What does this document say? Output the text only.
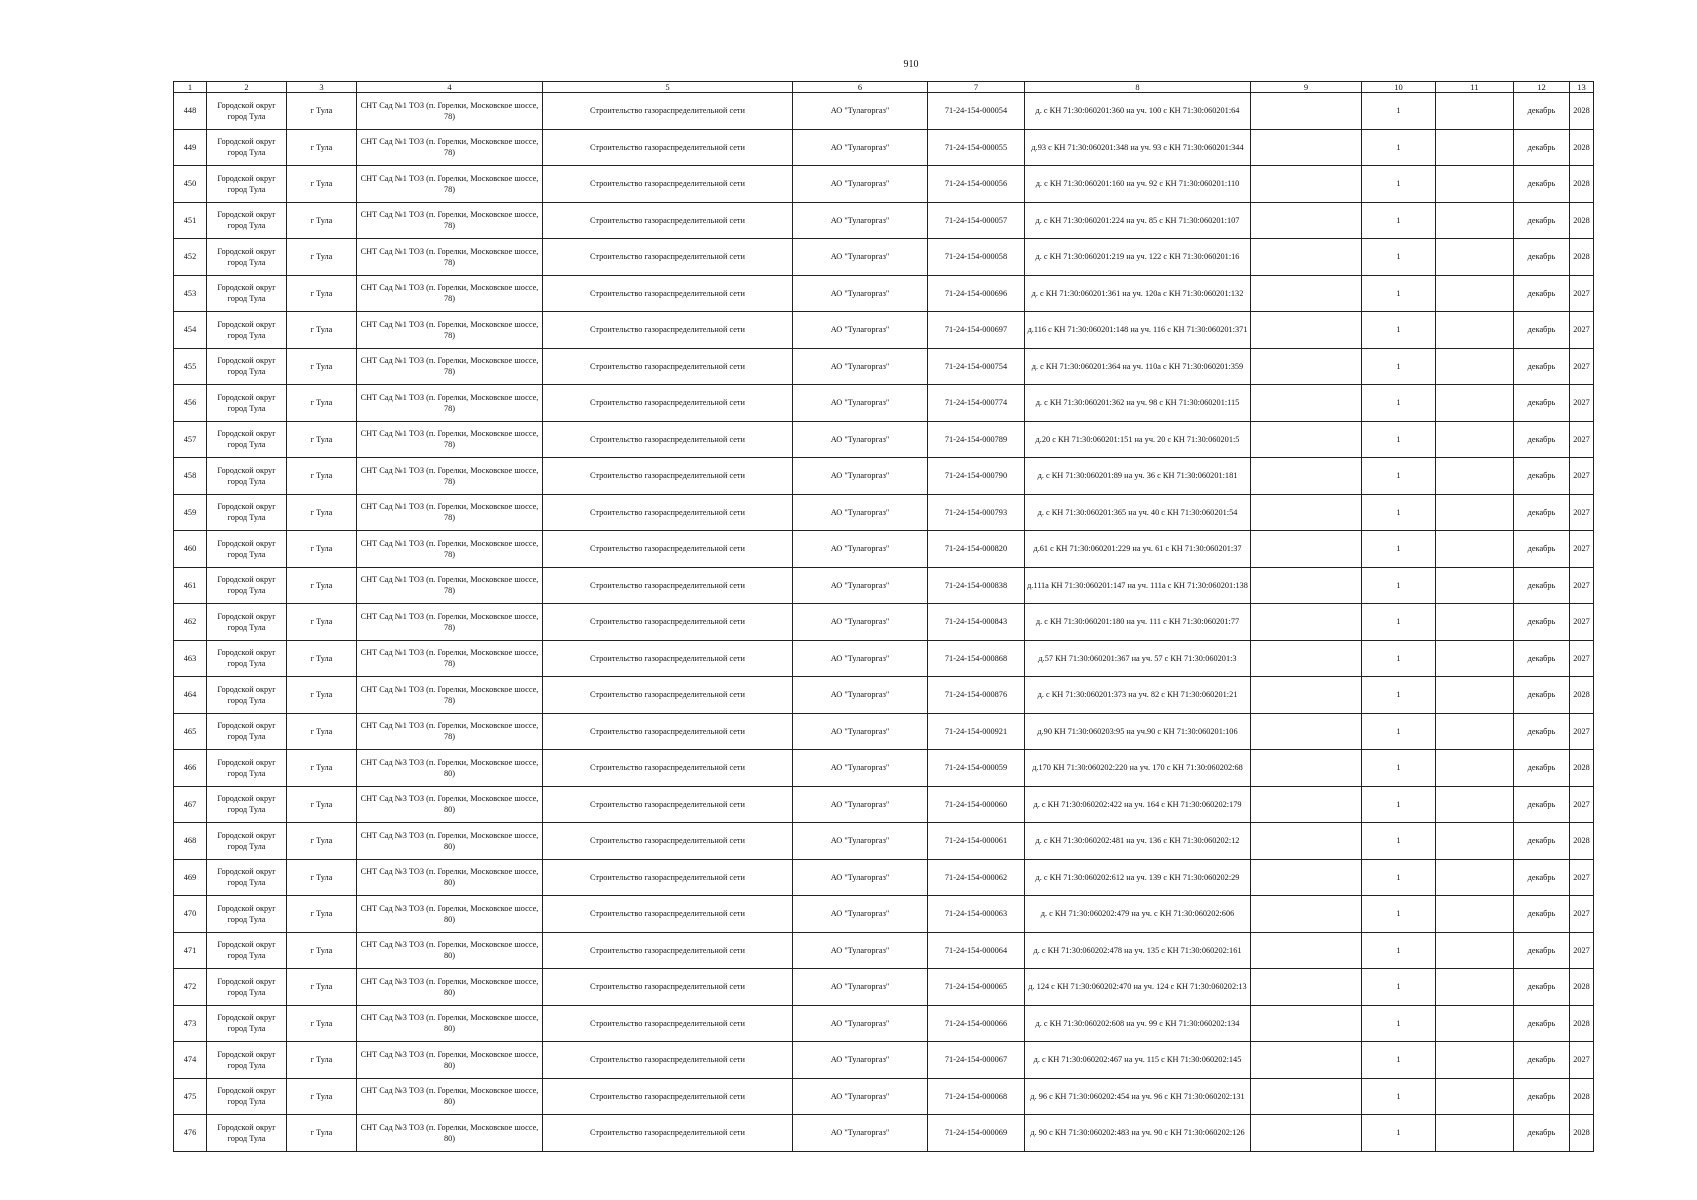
910
1	2	3	4	5	6	7	8	9	10	11	12	13
448	Городской округ город Тула	г Тула	СНТ Сад №1 ТОЗ (п. Горелки, Московское шоссе, 78)	Строительство газораспределительной сети	АО "Тулагоргаз"	71-24-154-000054	д. с КН 71:30:060201:360 на уч. 100 с КН 71:30:060201:64		1		декабрь	2028
449	Городской округ город Тула	г Тула	СНТ Сад №1 ТОЗ (п. Горелки, Московское шоссе, 78)	Строительство газораспределительной сети	АО "Тулагоргаз"	71-24-154-000055	д.93 с КН 71:30:060201:348 на уч. 93 с КН 71:30:060201:344		1		декабрь	2028
450	Городской округ город Тула	г Тула	СНТ Сад №1 ТОЗ (п. Горелки, Московское шоссе, 78)	Строительство газораспределительной сети	АО "Тулагоргаз"	71-24-154-000056	д. с КН 71:30:060201:160 на уч. 92 с КН 71:30:060201:110		1		декабрь	2028
451	Городской округ город Тула	г Тула	СНТ Сад №1 ТОЗ (п. Горелки, Московское шоссе, 78)	Строительство газораспределительной сети	АО "Тулагоргаз"	71-24-154-000057	д. с КН 71:30:060201:224 на уч. 85 с КН 71:30:060201:107		1		декабрь	2028
452	Городской округ город Тула	г Тула	СНТ Сад №1 ТОЗ (п. Горелки, Московское шоссе, 78)	Строительство газораспределительной сети	АО "Тулагоргаз"	71-24-154-000058	д. с КН 71:30:060201:219 на уч. 122 с КН 71:30:060201:16		1		декабрь	2028
453	Городской округ город Тула	г Тула	СНТ Сад №1 ТОЗ (п. Горелки, Московское шоссе, 78)	Строительство газораспределительной сети	АО "Тулагоргаз"	71-24-154-000696	д. с КН 71:30:060201:361 на уч. 120а с КН 71:30:060201:132		1		декабрь	2027
454	Городской округ город Тула	г Тула	СНТ Сад №1 ТОЗ (п. Горелки, Московское шоссе, 78)	Строительство газораспределительной сети	АО "Тулагоргаз"	71-24-154-000697	д.116 с КН 71:30:060201:148 на уч. 116 с КН 71:30:060201:371		1		декабрь	2027
455	Городской округ город Тула	г Тула	СНТ Сад №1 ТОЗ (п. Горелки, Московское шоссе, 78)	Строительство газораспределительной сети	АО "Тулагоргаз"	71-24-154-000754	д. с КН 71:30:060201:364 на уч. 110а с КН 71:30:060201:359		1		декабрь	2027
456	Городской округ город Тула	г Тула	СНТ Сад №1 ТОЗ (п. Горелки, Московское шоссе, 78)	Строительство газораспределительной сети	АО "Тулагоргаз"	71-24-154-000774	д. с КН 71:30:060201:362 на уч. 98 с КН 71:30:060201:115		1		декабрь	2027
457	Городской округ город Тула	г Тула	СНТ Сад №1 ТОЗ (п. Горелки, Московское шоссе, 78)	Строительство газораспределительной сети	АО "Тулагоргаз"	71-24-154-000789	д.20 с КН 71:30:060201:151 на уч. 20 с КН 71:30:060201:5		1		декабрь	2027
458	Городской округ город Тула	г Тула	СНТ Сад №1 ТОЗ (п. Горелки, Московское шоссе, 78)	Строительство газораспределительной сети	АО "Тулагоргаз"	71-24-154-000790	д. с КН 71:30:060201:89 на уч. 36 с КН 71:30:060201:181		1		декабрь	2027
459	Городской округ город Тула	г Тула	СНТ Сад №1 ТОЗ (п. Горелки, Московское шоссе, 78)	Строительство газораспределительной сети	АО "Тулагоргаз"	71-24-154-000793	д. с КН 71:30:060201:365 на уч. 40 с КН 71:30:060201:54		1		декабрь	2027
460	Городской округ город Тула	г Тула	СНТ Сад №1 ТОЗ (п. Горелки, Московское шоссе, 78)	Строительство газораспределительной сети	АО "Тулагоргаз"	71-24-154-000820	д.61 с КН 71:30:060201:229 на уч. 61 с КН 71:30:060201:37		1		декабрь	2027
461	Городской округ город Тула	г Тула	СНТ Сад №1 ТОЗ (п. Горелки, Московское шоссе, 78)	Строительство газораспределительной сети	АО "Тулагоргаз"	71-24-154-000838	д.111а КН 71:30:060201:147 на уч. 111а с КН 71:30:060201:138		1		декабрь	2027
462	Городской округ город Тула	г Тула	СНТ Сад №1 ТОЗ (п. Горелки, Московское шоссе, 78)	Строительство газораспределительной сети	АО "Тулагоргаз"	71-24-154-000843	д. с КН 71:30:060201:180 на уч. 111 с КН 71:30:060201:77		1		декабрь	2027
463	Городской округ город Тула	г Тула	СНТ Сад №1 ТОЗ (п. Горелки, Московское шоссе, 78)	Строительство газораспределительной сети	АО "Тулагоргаз"	71-24-154-000868	д.57 КН 71:30:060201:367 на уч. 57 с КН 71:30:060201:3		1		декабрь	2027
464	Городской округ город Тула	г Тула	СНТ Сад №1 ТОЗ (п. Горелки, Московское шоссе, 78)	Строительство газораспределительной сети	АО "Тулагоргаз"	71-24-154-000876	д. с КН 71:30:060201:373 на уч. 82 с КН 71:30:060201:21		1		декабрь	2028
465	Городской округ город Тула	г Тула	СНТ Сад №1 ТОЗ (п. Горелки, Московское шоссе, 78)	Строительство газораспределительной сети	АО "Тулагоргаз"	71-24-154-000921	д.90 КН 71:30:060203:95 на уч.90 с КН 71:30:060201:106		1		декабрь	2027
466	Городской округ город Тула	г Тула	СНТ Сад №3 ТОЗ (п. Горелки, Московское шоссе, 80)	Строительство газораспределительной сети	АО "Тулагоргаз"	71-24-154-000059	д.170 КН 71:30:060202:220 на уч. 170 с КН 71:30:060202:68		1		декабрь	2028
467	Городской округ город Тула	г Тула	СНТ Сад №3 ТОЗ (п. Горелки, Московское шоссе, 80)	Строительство газораспределительной сети	АО "Тулагоргаз"	71-24-154-000060	д. с КН 71:30:060202:422 на уч. 164 с КН 71:30:060202:179		1		декабрь	2027
468	Городской округ город Тула	г Тула	СНТ Сад №3 ТОЗ (п. Горелки, Московское шоссе, 80)	Строительство газораспределительной сети	АО "Тулагоргаз"	71-24-154-000061	д. с КН 71:30:060202:481 на уч. 136 с КН 71:30:060202:12		1		декабрь	2028
469	Городской округ город Тула	г Тула	СНТ Сад №3 ТОЗ (п. Горелки, Московское шоссе, 80)	Строительство газораспределительной сети	АО "Тулагоргаз"	71-24-154-000062	д. с КН 71:30:060202:612 на уч. 139 с КН 71:30:060202:29		1		декабрь	2027
470	Городской округ город Тула	г Тула	СНТ Сад №3 ТОЗ (п. Горелки, Московское шоссе, 80)	Строительство газораспределительной сети	АО "Тулагоргаз"	71-24-154-000063	д. с КН 71:30:060202:479 на уч. с КН 71:30:060202:606		1		декабрь	2027
471	Городской округ город Тула	г Тула	СНТ Сад №3 ТОЗ (п. Горелки, Московское шоссе, 80)	Строительство газораспределительной сети	АО "Тулагоргаз"	71-24-154-000064	д. с КН 71:30:060202:478 на уч. 135 с КН 71:30:060202:161		1		декабрь	2027
472	Городской округ город Тула	г Тула	СНТ Сад №3 ТОЗ (п. Горелки, Московское шоссе, 80)	Строительство газораспределительной сети	АО "Тулагоргаз"	71-24-154-000065	д. 124 с КН 71:30:060202:470 на уч. 124 с КН 71:30:060202:13		1		декабрь	2028
473	Городской округ город Тула	г Тула	СНТ Сад №3 ТОЗ (п. Горелки, Московское шоссе, 80)	Строительство газораспределительной сети	АО "Тулагоргаз"	71-24-154-000066	д. с КН 71:30:060202:608 на уч. 99 с КН 71:30:060202:134		1		декабрь	2028
474	Городской округ город Тула	г Тула	СНТ Сад №3 ТОЗ (п. Горелки, Московское шоссе, 80)	Строительство газораспределительной сети	АО "Тулагоргаз"	71-24-154-000067	д. с КН 71:30:060202:467 на уч. 115 с КН 71:30:060202:145		1		декабрь	2027
475	Городской округ город Тула	г Тула	СНТ Сад №3 ТОЗ (п. Горелки, Московское шоссе, 80)	Строительство газораспределительной сети	АО "Тулагоргаз"	71-24-154-000068	д. 96 с КН 71:30:060202:454 на уч. 96 с КН 71:30:060202:131		1		декабрь	2028
476	Городской округ город Тула	г Тула	СНТ Сад №3 ТОЗ (п. Горелки, Московское шоссе, 80)	Строительство газораспределительной сети	АО "Тулагоргаз"	71-24-154-000069	д. 90 с КН 71:30:060202:483 на уч. 90 с КН 71:30:060202:126		1		декабрь	2028
